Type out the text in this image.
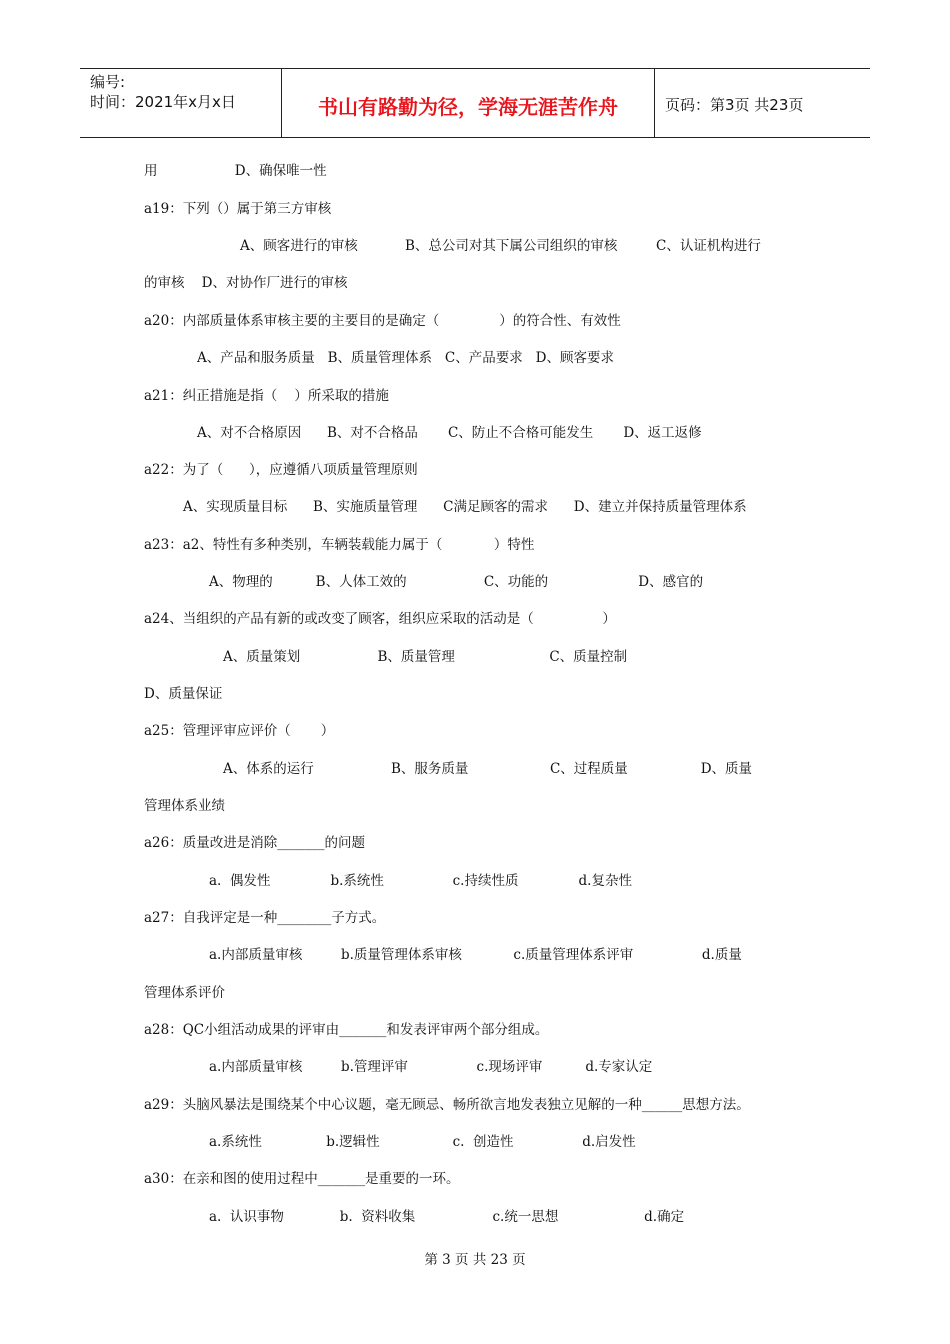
编号:
时间：2021年x月x日	书山有路勤为径，学海无涯苦作舟	页码：第3页 共23页
用                  D、确保唯一性
a19：下列（）属于第三方审核
A、顾客进行的审核           B、总公司对其下属公司组织的审核         C、认证机构进行
的审核    D、对协作厂进行的审核
a20：内部质量体系审核主要的主要目的是确定（              ）的符合性、有效性
A、产品和服务质量   B、质量管理体系   C、产品要求   D、顾客要求
a21：纠正措施是指（    ）所采取的措施
A、对不合格原因      B、对不合格品       C、防止不合格可能发生       D、返工返修
a22：为了（      ），应遵循八项质量管理原则
A、实现质量目标      B、实施质量管理      C满足顾客的需求      D、建立并保持质量管理体系
a23：a2、特性有多种类别，车辆装载能力属于（            ）特性
A、物理的          B、人体工效的                  C、功能的                     D、感官的
a24、当组织的产品有新的或改变了顾客，组织应采取的活动是（                ）
A、质量策划                  B、质量管理                      C、质量控制
D、质量保证
a25：管理评审应评价（       ）
A、体系的运行                  B、服务质量                   C、过程质量                 D、质量
管理体系业绩
a26：质量改进是消除_______的问题
a.  偶发性              b.系统性                c.持续性质              d.复杂性
a27：自我评定是一种________子方式。
a.内部质量审核         b.质量管理体系审核            c.质量管理体系评审                d.质量
管理体系评价
a28：QC小组活动成果的评审由_______和发表评审两个部分组成。
a.内部质量审核         b.管理评审                c.现场评审          d.专家认定
a29：头脑风暴法是围绕某个中心议题，毫无顾忌、畅所欲言地发表独立见解的一种______思想方法。
a.系统性               b.逻辑性                 c.  创造性                d.启发性
a30：在亲和图的使用过程中_______是重要的一环。
a.  认识事物             b.  资料收集                  c.统一思想                    d.确定
第 3 页 共 23 页
